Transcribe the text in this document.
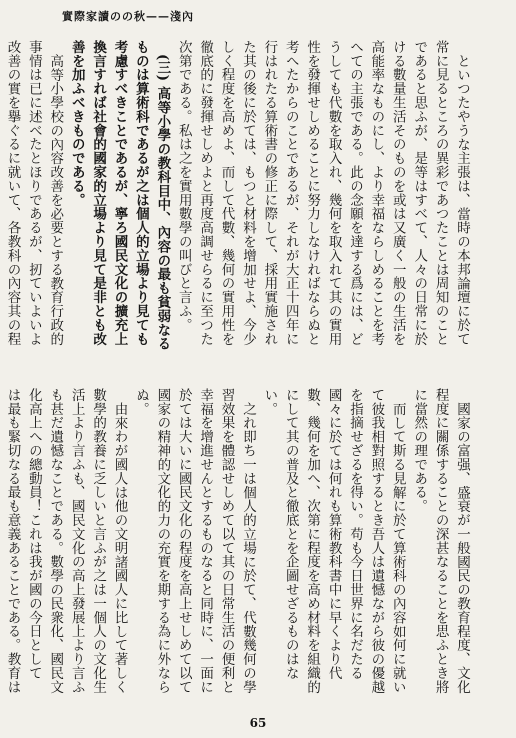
實際家讀のの秋——淺內

といつたやうな主張は、當時の本邦論壇に於て常に見るところの異彩であつたことは周知のことであると思ふが、是等はすべて、人々の日常に於ける數量生活そのものを或は又廣く一般の生活を高能率なものにし、より幸福ならしめることを考へての主張である。此の念願を達する爲には、どうしても代數を取入れ、幾何を取入れて其の實用性を發揮せしめることに努力しなければならぬと考へたからのことであるが、それが大正十四年に行はれたる算術書の修正に際して、採用實施された其の後に於ては、もつと材料を增加せよ、今少しく程度を高めよ、而して代數、幾何の實用性を徹底的に發揮せしめよと再度高調せらるに至つた次第である。私は之を實用數學の叫びと言ふ。

(三) 高等小學の教科目中、內容の最も貧弱なるものは算術科であるが之は個人的立場より見ても考慮すべきことであるが、寧ろ國民文化の擴充上換言すれば社會的國家的立場より見て是非とも改善を加ふべきものである。

高等小學校の內容改善を必要とする教育行政的事情は已に述べたとほりであるが、扨ていよいよ改善の實を擧ぐるに就いて、各教科の內容其の程

國家の富强、盛衰が一般國民の教育程度、文化程度に關係することの深甚なることを思ふとき將に當然の理である。

而して斯る見解に於て算術科の內容如何に就いて彼我相對照するとき吾人は遺憾ながら彼の優越を指摘せざるを得い。苟も今日世界に名だたる國々に於ては何れも算術教科書中に早くより代數、幾何を加へ、次第に程度を高め材料を組織的にして其の普及と徹底とを企圖せざるものはない。

之れ即ち一は個人的立場に於て、代數幾何の學習效果を體認せしめて以て其の日常生活の便利と幸福を增進せんとするものなると同時に、一面に於ては大いに國民文化の程度を高上せしめて以て國家の精神的文化的力の充實を期する為に外ならぬ。

由來わが國人は他の文明諸國人に比して著しく數學的教養に乏しいと言ふが之は一個人の文化生活上より言ふも、國民文化の高上發展上より言ふも甚だ遺憾なことである。數學の民衆化、國民文化高上への總動員！これは我が國の今日として は最も緊切なる最も意義あることである。教育は

65
